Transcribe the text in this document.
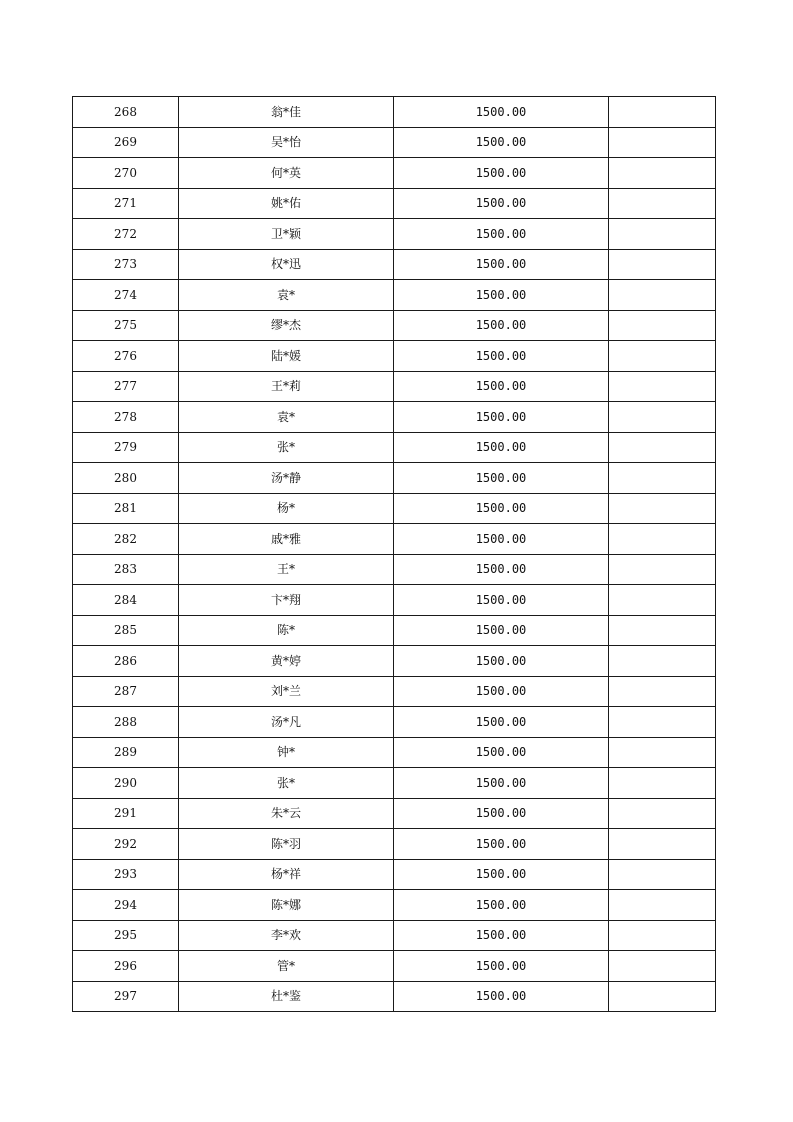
268	翁*佳	1500.00	
269	吴*怡	1500.00	
270	何*英	1500.00	
271	姚*佑	1500.00	
272	卫*颖	1500.00	
273	权*迅	1500.00	
274	袁*	1500.00	
275	缪*杰	1500.00	
276	陆*媛	1500.00	
277	王*莉	1500.00	
278	袁*	1500.00	
279	张*	1500.00	
280	汤*静	1500.00	
281	杨*	1500.00	
282	戚*雅	1500.00	
283	王*	1500.00	
284	卞*翔	1500.00	
285	陈*	1500.00	
286	黄*婷	1500.00	
287	刘*兰	1500.00	
288	汤*凡	1500.00	
289	钟*	1500.00	
290	张*	1500.00	
291	朱*云	1500.00	
292	陈*羽	1500.00	
293	杨*祥	1500.00	
294	陈*娜	1500.00	
295	李*欢	1500.00	
296	管*	1500.00	
297	杜*鉴	1500.00	
